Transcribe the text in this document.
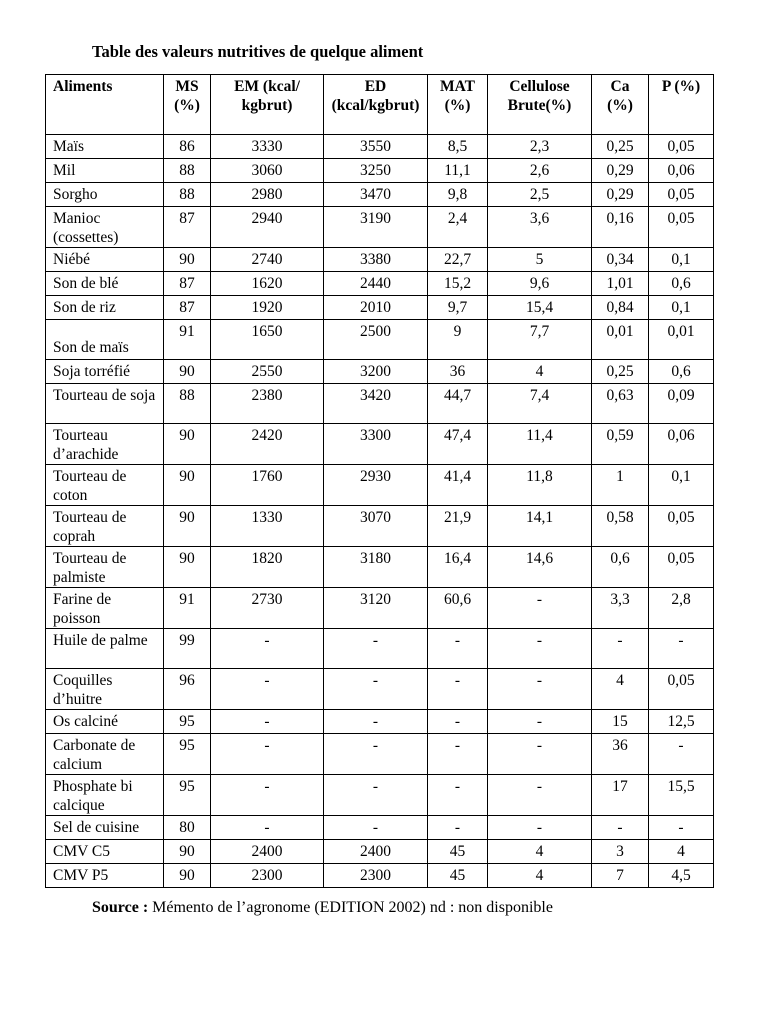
Table des valeurs nutritives de quelque aliment

Aliments	MS (%)	EM (kcal/ kgbrut)	ED (kcal/kgbrut)	MAT (%)	Cellulose Brute(%)	Ca (%)	P (%)
Maïs	86	3330	3550	8,5	2,3	0,25	0,05
Mil	88	3060	3250	11,1	2,6	0,29	0,06
Sorgho	88	2980	3470	9,8	2,5	0,29	0,05
Manioc (cossettes)	87	2940	3190	2,4	3,6	0,16	0,05
Niébé	90	2740	3380	22,7	5	0,34	0,1
Son de blé	87	1620	2440	15,2	9,6	1,01	0,6
Son de riz	87	1920	2010	9,7	15,4	0,84	0,1
Son de maïs	91	1650	2500	9	7,7	0,01	0,01
Soja torréfié	90	2550	3200	36	4	0,25	0,6
Tourteau de soja	88	2380	3420	44,7	7,4	0,63	0,09
Tourteau d’arachide	90	2420	3300	47,4	11,4	0,59	0,06
Tourteau de coton	90	1760	2930	41,4	11,8	1	0,1
Tourteau de coprah	90	1330	3070	21,9	14,1	0,58	0,05
Tourteau de palmiste	90	1820	3180	16,4	14,6	0,6	0,05
Farine de poisson	91	2730	3120	60,6	-	3,3	2,8
Huile de palme	99	-	-	-	-	-	-
Coquilles d’huitre	96	-	-	-	-	4	0,05
Os calciné	95	-	-	-	-	15	12,5
Carbonate de calcium	95	-	-	-	-	36	-
Phosphate bi calcique	95	-	-	-	-	17	15,5
Sel de cuisine	80	-	-	-	-	-	-
CMV C5	90	2400	2400	45	4	3	4
CMV P5	90	2300	2300	45	4	7	4,5

Source : Mémento de l’agronome (EDITION 2002) nd : non disponible
